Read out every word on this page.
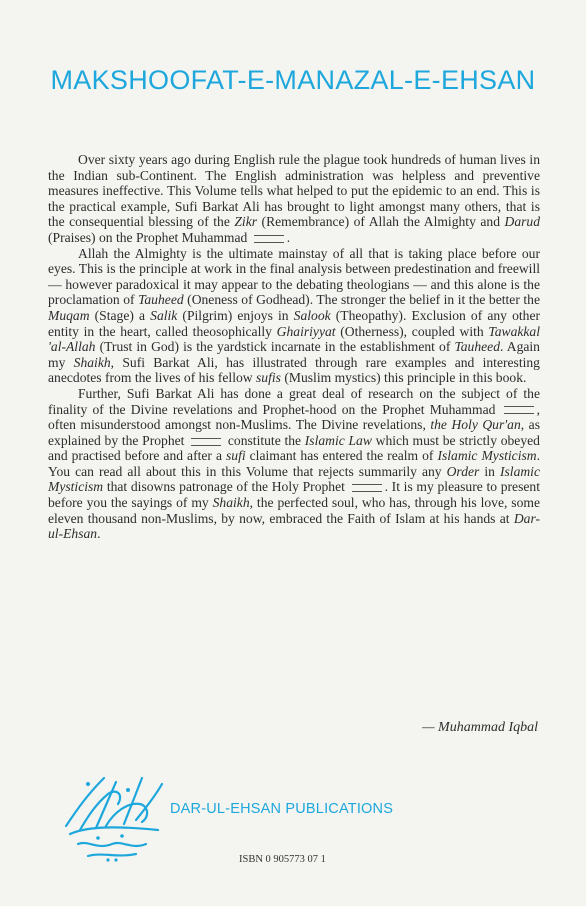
MAKSHOOFAT-E-MANAZAL-E-EHSAN

Over sixty years ago during English rule the plague took hundreds of human lives in the Indian sub-Continent. The English administration was helpless and preventive measures ineffective. This Volume tells what helped to put the epidemic to an end. This is the practical example, Sufi Barkat Ali has brought to light amongst many others, that is the consequential blessing of the Zikr (Remembrance) of Allah the Almighty and Darud (Praises) on the Prophet Muhammad	.

Allah the Almighty is the ultimate mainstay of all that is taking place before our eyes. This is the principle at work in the final analysis between predestination and freewill — however paradoxical it may appear to the debating theologians — and this alone is the proclamation of Tauheed (Oneness of Godhead). The stronger the belief in it the better the Muqam (Stage) a Salik (Pilgrim) enjoys in Salook (Theopathy). Exclusion of any other entity in the heart, called theosophically Ghairiyyat (Otherness), coupled with Tawakkal 'al-Allah (Trust in God) is the yardstick incarnate in the establishment of Tauheed. Again my Shaikh, Sufi Barkat Ali, has illustrated through rare examples and interesting anecdotes from the lives of his fellow sufis (Muslim mystics) this principle in this book.

Further, Sufi Barkat Ali has done a great deal of research on the subject of the finality of the Divine revelations and Prophet-hood on the Prophet Muhammad	, often misunderstood amongst non-Muslims. The Divine revelations, the Holy Qur'an, as explained by the Prophet	constitute the Islamic Law which must be strictly obeyed and practised before and after a sufi claimant has entered the realm of Islamic Mysticism. You can read all about this in this Volume that rejects summarily any Order in Islamic Mysticism that disowns patronage of the Holy Prophet	. It is my pleasure to present before you the sayings of my Shaikh, the perfected soul, who has, through his love, some eleven thousand non-Muslims, by now, embraced the Faith of Islam at his hands at Dar-ul-Ehsan.

— Muhammad Iqbal
DAR-UL-EHSAN PUBLICATIONS
ISBN 0 905773 07 1
